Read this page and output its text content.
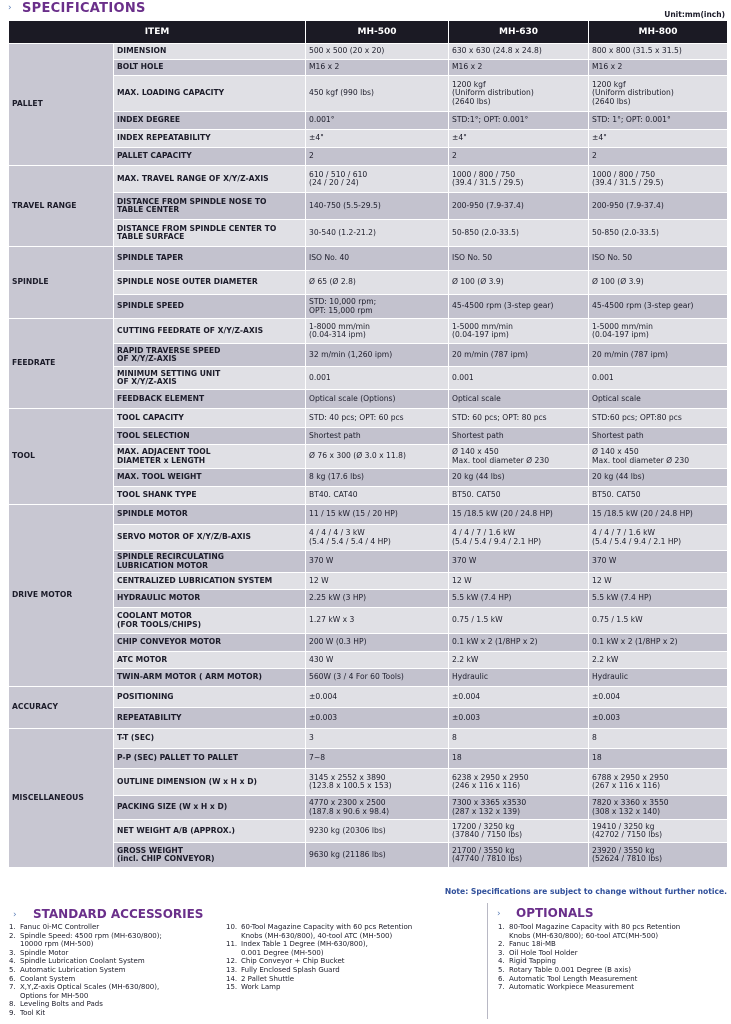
› SPECIFICATIONS	Unit:mm(inch)
ITEM		MH-500	MH-630	MH-800
PALLET	DIMENSION	500 x 500 (20 x 20)	630 x 630 (24.8 x 24.8)	800 x 800 (31.5 x 31.5)
	BOLT HOLE	M16 x 2	M16 x 2	M16 x 2
	MAX. LOADING CAPACITY	450 kgf (990 lbs)	1200 kgf
(Uniform distribution)
(2640 lbs)	1200 kgf
(Uniform distribution)
(2640 lbs)
	INDEX DEGREE	0.001°	STD:1°; OPT: 0.001°	STD: 1°; OPT: 0.001°
	INDEX REPEATABILITY	±4"	±4"	±4"
	PALLET CAPACITY	2	2	2
TRAVEL RANGE	MAX. TRAVEL RANGE OF X/Y/Z-AXIS	610 / 510 / 610
(24 / 20 / 24)	1000 / 800 / 750
(39.4 / 31.5 / 29.5)	1000 / 800 / 750
(39.4 / 31.5 / 29.5)
	DISTANCE FROM SPINDLE NOSE TO
TABLE CENTER	140-750 (5.5-29.5)	200-950 (7.9-37.4)	200-950 (7.9-37.4)
	DISTANCE FROM SPINDLE CENTER TO
TABLE SURFACE	30-540 (1.2-21.2)	50-850 (2.0-33.5)	50-850 (2.0-33.5)
SPINDLE	SPINDLE TAPER	ISO No. 40	ISO No. 50	ISO No. 50
	SPINDLE NOSE OUTER DIAMETER	Ø 65 (Ø 2.8)	Ø 100 (Ø 3.9)	Ø 100 (Ø 3.9)
	SPINDLE SPEED	STD: 10,000 rpm;
OPT: 15,000 rpm	45-4500 rpm (3-step gear)	45-4500 rpm (3-step gear)
FEEDRATE	CUTTING FEEDRATE OF X/Y/Z-AXIS	1-8000 mm/min
(0.04-314 ipm)	1-5000 mm/min
(0.04-197 ipm)	1-5000 mm/min
(0.04-197 ipm)
	RAPID TRAVERSE SPEED
OF X/Y/Z-AXIS	32 m/min (1,260 ipm)	20 m/min (787 ipm)	20 m/min (787 ipm)
	MINIMUM SETTING UNIT
OF X/Y/Z-AXIS	0.001	0.001	0.001
	FEEDBACK ELEMENT	Optical scale (Options)	Optical scale	Optical scale
TOOL	TOOL CAPACITY	STD: 40 pcs; OPT: 60 pcs	STD: 60 pcs; OPT: 80 pcs	STD:60 pcs; OPT:80 pcs
	TOOL SELECTION	Shortest path	Shortest path	Shortest path
	MAX. ADJACENT TOOL
DIAMETER x LENGTH	Ø 76 x 300 (Ø 3.0 x 11.8)	Ø 140 x 450
Max. tool diameter Ø 230	Ø 140 x 450
Max. tool diameter Ø 230
	MAX. TOOL WEIGHT	8 kg (17.6 lbs)	20 kg (44 lbs)	20 kg (44 lbs)
	TOOL SHANK TYPE	BT40. CAT40	BT50. CAT50	BT50. CAT50
DRIVE MOTOR	SPINDLE MOTOR	11 / 15 kW (15 / 20 HP)	15 /18.5 kW (20 / 24.8 HP)	15 /18.5 kW (20 / 24.8 HP)
	SERVO MOTOR OF X/Y/Z/B-AXIS	4 / 4 / 4 / 3 kW
(5.4 / 5.4 / 5.4 / 4 HP)	4 / 4 / 7 / 1.6 kW
(5.4 / 5.4 / 9.4 / 2.1 HP)	4 / 4 / 7 / 1.6 kW
(5.4 / 5.4 / 9.4 / 2.1 HP)
	SPINDLE RECIRCULATING
LUBRICATION MOTOR	370 W	370 W	370 W
	CENTRALIZED LUBRICATION SYSTEM	12 W	12 W	12 W
	HYDRAULIC MOTOR	2.25 kW (3 HP)	5.5 kW (7.4 HP)	5.5 kW (7.4 HP)
	COOLANT MOTOR
(FOR TOOLS/CHIPS)	1.27 kW x 3	0.75 / 1.5 kW	0.75 / 1.5 kW
	CHIP CONVEYOR MOTOR	200 W (0.3 HP)	0.1 kW x 2 (1/8HP x 2)	0.1 kW x 2 (1/8HP x 2)
	ATC MOTOR	430 W	2.2 kW	2.2 kW
	TWIN-ARM MOTOR ( ARM MOTOR)	560W (3 / 4 For 60 Tools)	Hydraulic	Hydraulic
ACCURACY	POSITIONING	±0.004	±0.004	±0.004
	REPEATABILITY	±0.003	±0.003	±0.003
MISCELLANEOUS	T-T (SEC)	3	8	8
	P-P (SEC) PALLET TO PALLET	7~8	18	18
	OUTLINE DIMENSION (W x H x D)	3145 x 2552 x 3890
(123.8 x 100.5 x 153)	6238 x 2950 x 2950
(246 x 116 x 116)	6788 x 2950 x 2950
(267 x 116 x 116)
	PACKING SIZE (W x H x D)	4770 x 2300 x 2500
(187.8 x 90.6 x 98.4)	7300 x 3365 x3530
(287 x 132 x 139)	7820 x 3360 x 3550
(308 x 132 x 140)
	NET WEIGHT A/B (APPROX.)	9230 kg (20306 lbs)	17200 / 3250 kg
(37840 / 7150 lbs)	19410 / 3250 kg
(42702 / 7150 lbs)
	GROSS WEIGHT
(incl. CHIP CONVEYOR)	9630 kg (21186 lbs)	21700 / 3550 kg
(47740 / 7810 lbs)	23920 / 3550 kg
(52624 / 7810 lbs)
Note: Specifications are subject to change without further notice.
› STANDARD ACCESSORIES
1. Fanuc 0i-MC Controller
2. Spindle Speed: 4500 rpm (MH-630/800);
10000 rpm (MH-500)
3. Spindle Motor
4. Spindle Lubrication Coolant System
5. Automatic Lubrication System
6. Coolant System
7. X,Y,Z-axis Optical Scales (MH-630/800),
Options for MH-500
8. Leveling Bolts and Pads
9. Tool Kit
10. 60-Tool Magazine Capacity with 60 pcs Retention
Knobs (MH-630/800), 40-tool ATC (MH-500)
11. Index Table 1 Degree (MH-630/800),
0.001 Degree (MH-500)
12. Chip Conveyor + Chip Bucket
13. Fully Enclosed Splash Guard
14. 2 Pallet Shuttle
15. Work Lamp
› OPTIONALS
1. 80-Tool Magazine Capacity with 80 pcs Retention
Knobs (MH-630/800); 60-tool ATC(MH-500)
2. Fanuc 18i-MB
3. Oil Hole Tool Holder
4. Rigid Tapping
5. Rotary Table 0.001 Degree (B axis)
6. Automatic Tool Length Measurement
7. Automatic Workpiece Measurement
